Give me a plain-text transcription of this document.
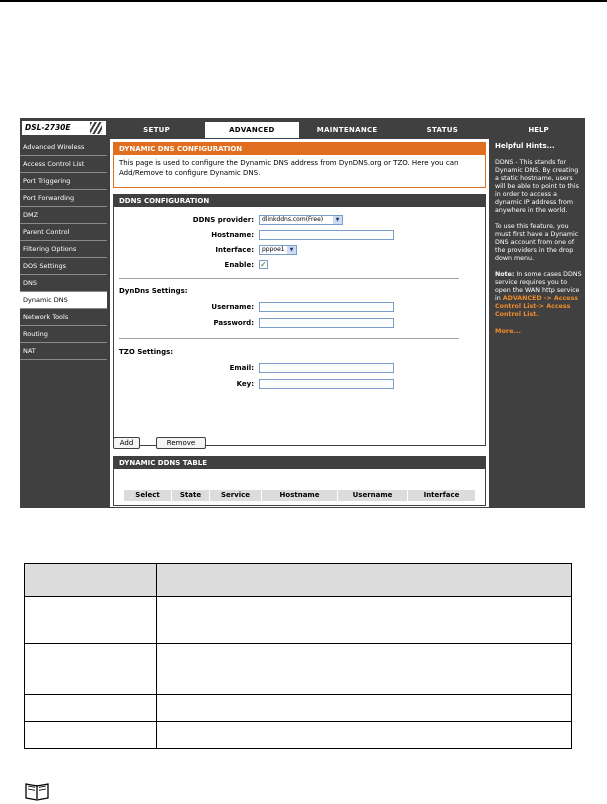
DSL-2730E	SETUP	ADVANCED	MAINTENANCE	STATUS	HELP
Advanced Wireless
Access Control List
Port Triggering
Port Forwarding
DMZ
Parent Control
Filtering Options
DOS Settings
DNS
Dynamic DNS
Network Tools
Routing
NAT
DYNAMIC DNS CONFIGURATION
This page is used to configure the Dynamic DNS address from DynDNS.org or TZO. Here you can Add/Remove to configure Dynamic DNS.
DDNS CONFIGURATION
DDNS provider:	dlinkddns.com(Free)	▼
Hostname:
Interface:	pppoe1 ▼
Enable: ✓
DynDns Settings:
Username:
Password:
TZO Settings:
Email:
Key:
Add	Remove
DYNAMIC DDNS TABLE
Select	State	Service	Hostname	Username	Interface
Helpful Hints...

DDNS - This stands for Dynamic DNS. By creating a static hostname, users will be able to point to this in order to access a dynamic IP address from anywhere in the world.

To use this feature, you must first have a Dynamic DNS account from one of the providers in the drop down menu.

Note: In some cases DDNS service requires you to open the WAN http service in ADVANCED -> Access Control List-> Access Control List.

More...
